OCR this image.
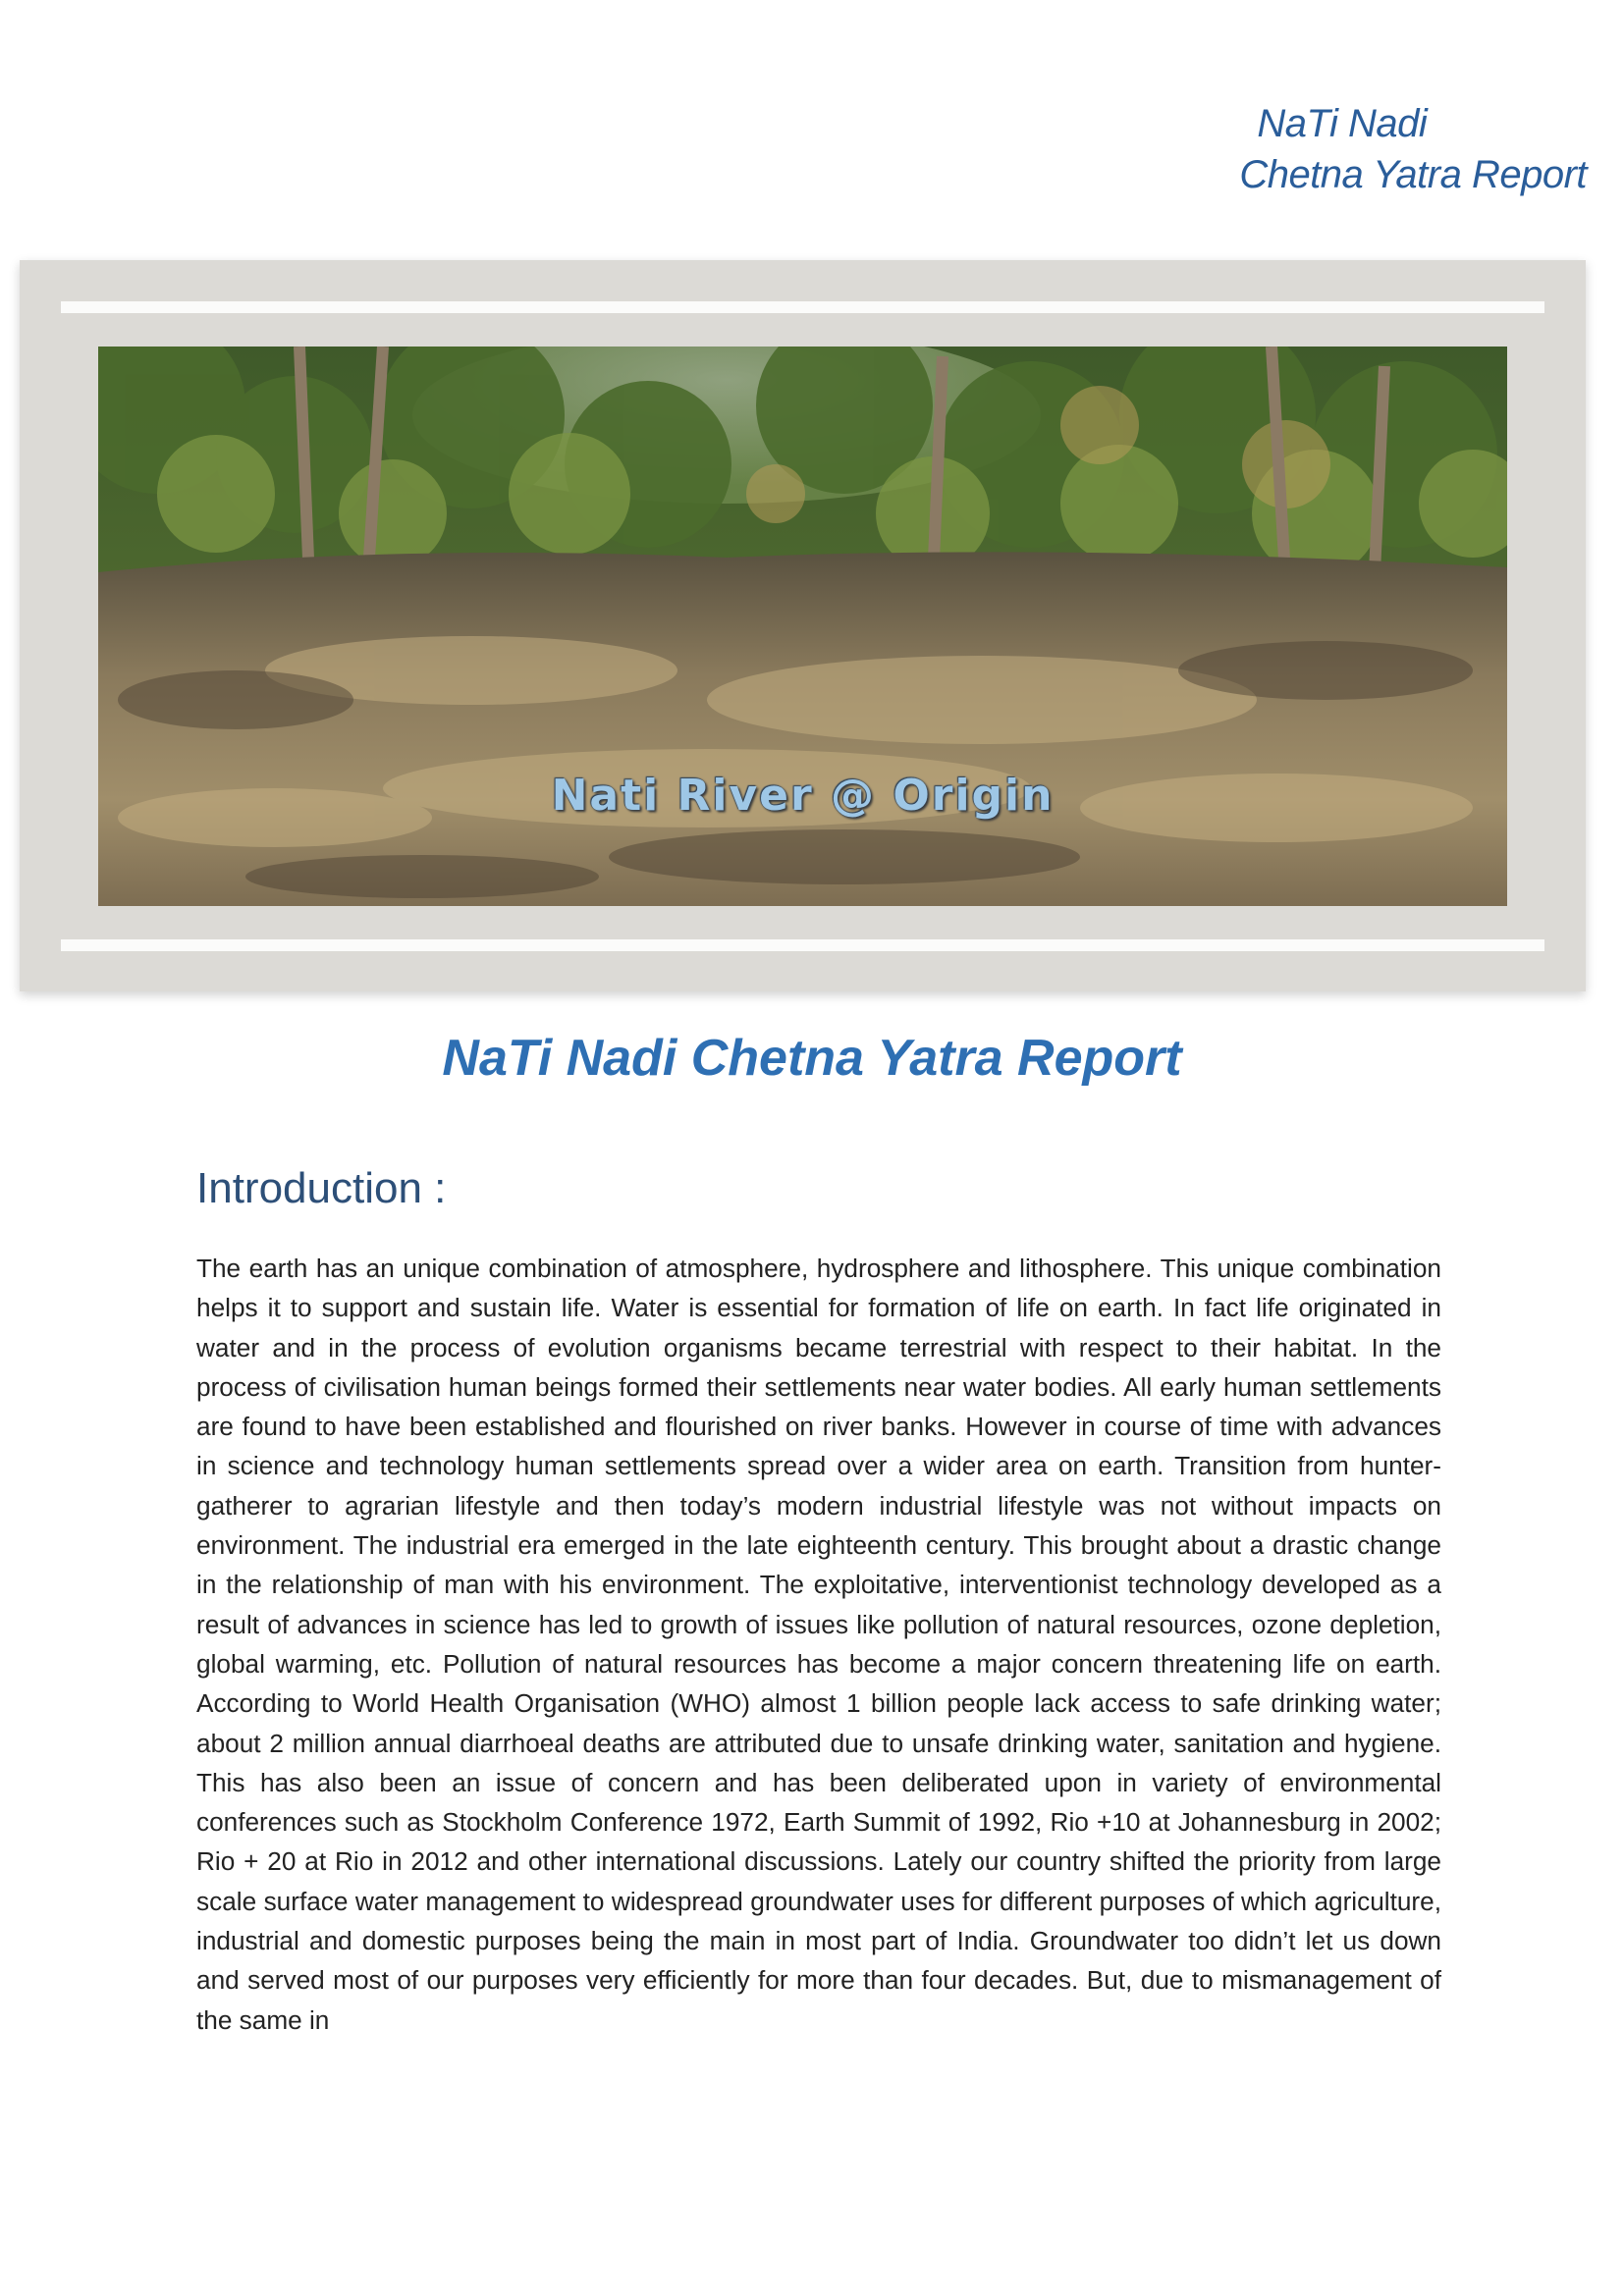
NaTi Nadi
Chetna Yatra Report
Nati River @ Origin
NaTi Nadi Chetna Yatra Report
Introduction :

The earth has an unique combination of atmosphere, hydrosphere and lithosphere. This unique combination helps it to support and sustain life. Water is essential for formation of life on earth. In fact life originated in water and in the process of evolution organisms became terrestrial with respect to their habitat. In the process of civilisation human beings formed their settlements near water bodies. All early human settlements are found to have been established and flourished on river banks. However in course of time with advances in science and technology human settlements spread over a wider area on earth. Transition from hunter-gatherer to agrarian lifestyle and then today’s modern industrial lifestyle was not without impacts on environment. The industrial era emerged in the late eighteenth century. This brought about a drastic change in the relationship of man with his environment. The exploitative, interventionist technology developed as a result of advances in science has led to growth of issues like pollution of natural resources, ozone depletion, global warming, etc. Pollution of natural resources has become a major concern threatening life on earth. According to World Health Organisation (WHO) almost 1 billion people lack access to safe drinking water; about 2 million annual diarrhoeal deaths are attributed due to unsafe drinking water, sanitation and hygiene. This has also been an issue of concern and has been deliberated upon in variety of environmental conferences such as Stockholm Conference 1972, Earth Summit of 1992, Rio +10 at Johannesburg in 2002; Rio + 20 at Rio in 2012 and other international discussions. Lately our country shifted the priority from large scale surface water management to widespread groundwater uses for different purposes of which agriculture, industrial and domestic purposes being the main in most part of India. Groundwater too didn’t let us down and served most of our purposes very efficiently for more than four decades. But, due to mismanagement of the same in
